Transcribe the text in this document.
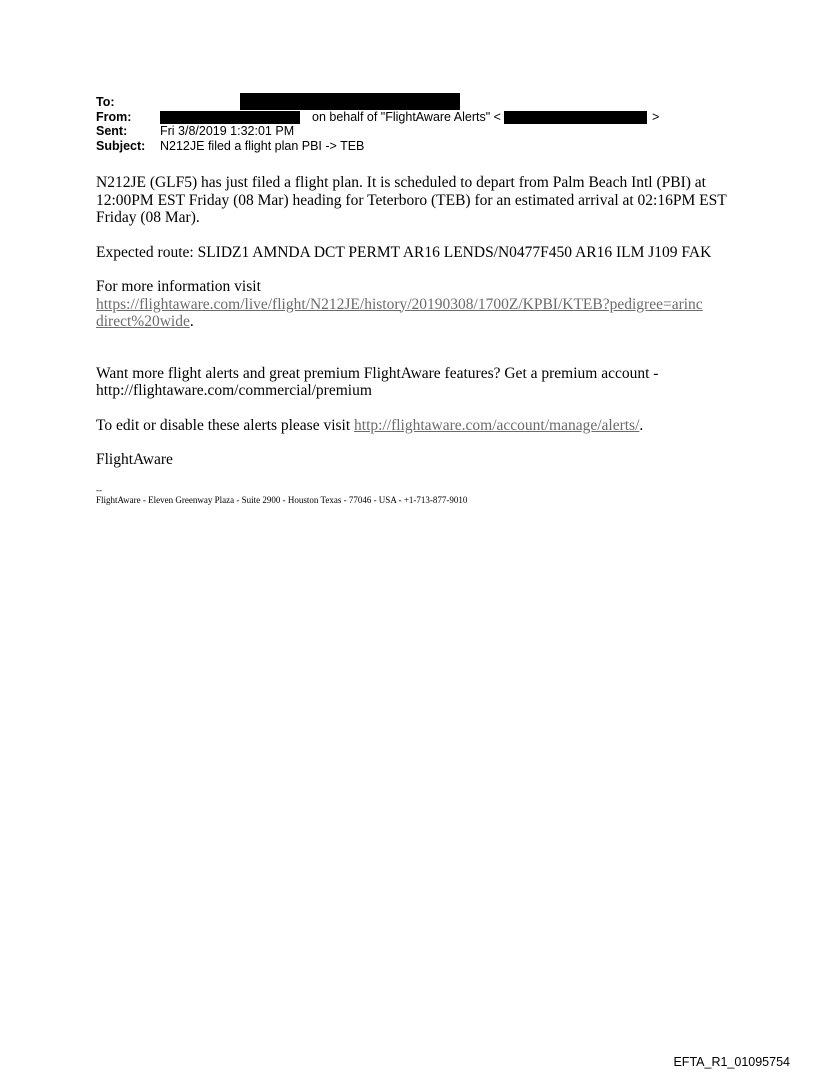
To:
From:	on behalf of "FlightAware Alerts" <	>
Sent:	Fri 3/8/2019 1:32:01 PM
Subject: N212JE filed a flight plan PBI -> TEB

N212JE (GLF5) has just filed a flight plan. It is scheduled to depart from Palm Beach Intl (PBI) at 12:00PM EST Friday (08 Mar) heading for Teterboro (TEB) for an estimated arrival at 02:16PM EST Friday (08 Mar).

Expected route: SLIDZ1 AMNDA DCT PERMT AR16 LENDS/N0477F450 AR16 ILM J109 FAK

For more information visit
https://flightaware.com/live/flight/N212JE/history/20190308/1700Z/KPBI/KTEB?pedigree=arinc direct%20wide.

Want more flight alerts and great premium FlightAware features? Get a premium account - http://flightaware.com/commercial/premium

To edit or disable these alerts please visit http://flightaware.com/account/manage/alerts/.

FlightAware

--

FlightAware - Eleven Greenway Plaza - Suite 2900 - Houston Texas - 77046 - USA - +1-713-877-9010

EFTA_R1_01095754
